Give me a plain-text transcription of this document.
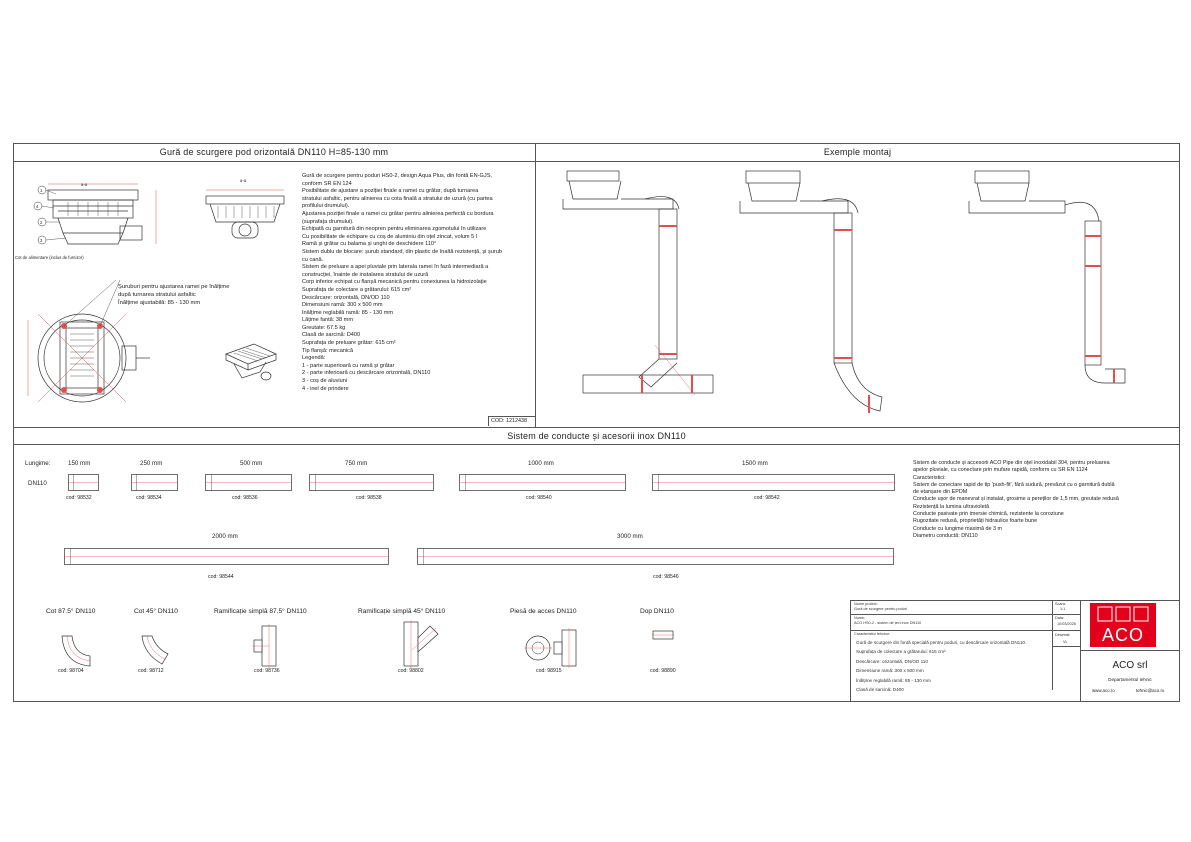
Gură de scurgere pod orizontală DN110 H=85-130 mm	Exemple montaj
Sistem de conducte și acesorii inox DN110
a-a
1
4
2
3
Cot de alimentare (inclus de furnizor)
a-a
Șuruburi pentru ajustarea ramei pe înălțime
după turnarea stratului asfaltic
Înălțime ajustabilă: 85 - 130 mm
Gură de scurgere pentru poduri HS0-2, design Aqua Plus, din fontă EN-GJS,
conform SR EN 124
Posibilitate de ajustare a poziției finale a ramei cu grătar, după turnarea
stratului asfaltic, pentru alinierea cu cota finală a stratului de uzură (cu partea
profilului drumului).
Ajustarea poziției finale a ramei cu grătar pentru alinierea perfectă cu bordura
(suprafața drumului).
Echipată cu garnitură din neopren pentru eliminarea zgomotului în utilizare
Cu posibilitate de echipare cu coș de aluminiu din oțel zincat, volum 5 l
Ramă și grătar cu balama și unghi de deschidere 110°
Sistem dublu de blocare: șurub standard, din plastic de înaltă rezistență, și șurub
cu cană.
Sistem de preluare a apei pluviale prin laterala ramei în fază intermediară a
construcției, înainte de instalarea stratului de uzură
Corp inferior echipat cu flanșă mecanică pentru conexiunea la hidroizolație
Suprafața de colectare a grătarului: 615 cm²
Descărcare: orizontală, DN/OD 110
Dimensiuni ramă: 300 x 500 mm
Înălțime reglabilă ramă: 85 - 130 mm
Lățime fantă: 38 mm
Greutate: 67.5 kg
Clasă de sarcină: D400
Suprafața de preluare grătar: 615 cm²
Tip flanșă: mecanică
Legendă:
1 - parte superioară cu ramă și grătar
2 - parte inferioară cu descărcare orizontală, DN110
3 - coș de aluviuni
4 - inel de prindere
COD: 1212438
Lungime:
DN110
150 mm
cod: 98532
250 mm
cod: 98534
500 mm
cod: 98536
750 mm
cod: 98538
1000 mm
cod: 98540
1500 mm
cod: 98542
2000 mm
cod: 98544
3000 mm
cod: 98546
Sistem de conducte și accesorii ACO Pipe din oțel inoxidabil 304, pentru preluarea
apelor pluviale, cu conectare prin mufare rapidă, conform cu SR EN 1124
Caracteristici:
Sistem de conectare rapid de tip 'push-fit', fără sudură, prevăzut cu o garnitură dublă
de etanșare din EPDM
Conducte ușor de manevrat și instalat, grosime a pereților de 1,5 mm, greutate redusă
Rezistență la lumina ultravioletă
Conducte pasivate prin imersie chimică, rezistente la coroziune
Rugozitate redusă, proprietăți hidraulice foarte bune
Conducte cu lungime maximă de 3 m
Diametru conductă: DN110
Cot 87.5° DN110
cod: 98704
Cot 45° DN110
cod: 98712
Ramificație simplă 87.5° DN110
cod: 98736
Ramificație simplă 45° DN110
cod: 98802
Piesă de acces DN110
cod: 98915
Dop DN110
cod: 98890
Nume proiect:
Gură de scurgere pentru poduri
Nume:
ACO HS0-2 - sistem de țevi inox DN110
Scara:
1:1
Data:
10/03/2026
Desenat:
VL
Caracteristici tehnice:
Gură de scurgere din fontă specială pentru poduri, cu descărcare orizontală DN110.
Suprafața de colectare a grătarului: 615 cm²
Descărcare: orizontală, DN/OD 110
Dimensiune ramă: 300 x 500 mm
Înălțime reglabilă ramă: 85 - 130 mm
Clasă de sarcină: D400
ACO
ACO srl
Departamentul tehnic
www.aco.ro	tehnic@aco.ro
